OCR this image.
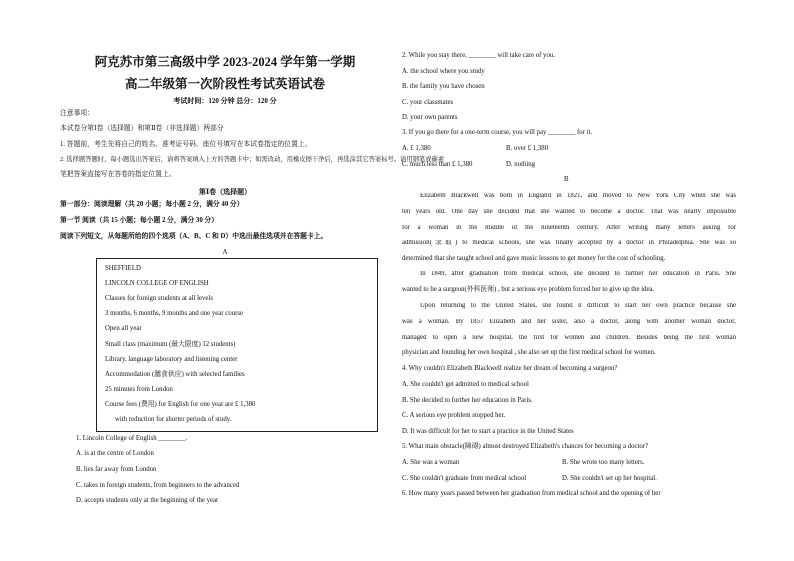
阿克苏市第三高级中学 2023-2024 学年第一学期
高二年级第一次阶段性考试英语试卷
考试时间：120 分钟 总分：120 分
注意事项：
本试卷分第Ⅰ卷（选择题）和第Ⅱ卷（非选择题）两部分
1. 答题前，考生先将自己的姓名、准考证号码、座位号填写在本试卷指定的位置上。
2. 选择题答题时，每小题选出答案后，请将答案填入上方的答题卡中；如需改动，用橡皮擦干净后，再选涂其它答案标号。请用钢笔或碳素
笔把答案直接写在答卷的指定位置上。
第Ⅰ卷（选择题）
第一部分：阅读理解（共 20 小题；每小题 2 分，满分 40 分）
第一节 阅读（共 15 小题；每小题 2 分，满分 30 分）
阅读下列短文，从每题所给的四个选项（A、B、C 和 D）中选出最佳选项并在答题卡上。
A
SHEFFIELD
LINCOLN COLLEGE OF ENGLISH
Classes for foreign students at all levels
3 months, 6 months, 9 months and one year course
Open all year
Small class (maximum (最大限度) 12 students)
Library, language laboratory and listening center
Accommodation (膳食供应) with selected families
25 minutes from London
Course fees (费用) for English for one year are £ 1,380
with reduction for shorter periods of study.
1. Lincoln College of English ________.
A. is at the centre of London
B. lies far away from London
C. takes in foreign students, from beginners to the advanced
D. accepts students only at the beginning of the year
2. While you stay there, ________ will take care of you.
A. the school where you study
B. the family you have chosen
C. your classmates
D. your own parents
3. If you go there for a one-term course, you will pay ________ for it.
A. £ 1,380	B. over £ 1,380
C. much less than £ 1,380	D. nothing
B
Elizabeth Blackwell was born in England in 1821, and moved to New York City when she was
ten years old. One day she decided that she wanted to become a doctor. That was nearly impossible
for a woman in the middle of the nineteenth century. After writing many letters asking for
admission(录取) to medical schools, she was finally accepted by a doctor in Philadelphia. She was so
determined that she taught school and gave music lessons to get money for the cost of schooling.
In 1849, after graduation from medical school, she decided to further her education in Paris. She
wanted to be a surgeon(外科医师) , but a serious eye problem forced her to give up the idea.
Upon returning to the United States, she found it difficult to start her own practice because she
was a woman. By 1857 Elizabeth and her sister, also a doctor, along with another woman doctor,
managed to open a new hospital, the first for women and children. Besides being the first woman
physician and founding her own hospital , she also set up the first medical school for women.
4. Why couldn't Elizabeth Blackwell realize her dream of becoming a surgeon?
A. She couldn't get admitted to medical school
B. She decided to further her education in Paris.
C. A serious eye problem stopped her.
D. It was difficult for her to start a practice in the United States
5. What main obstacle(障碍) almost destroyed Elizabeth's chances for becoming a doctor?
A. She was a woman	B. She wrote too many letters.
C. She couldn't graduate from medical school	D. She couldn't set up her hospital.
6. How many years passed between her graduation from medical school and the opening of her
